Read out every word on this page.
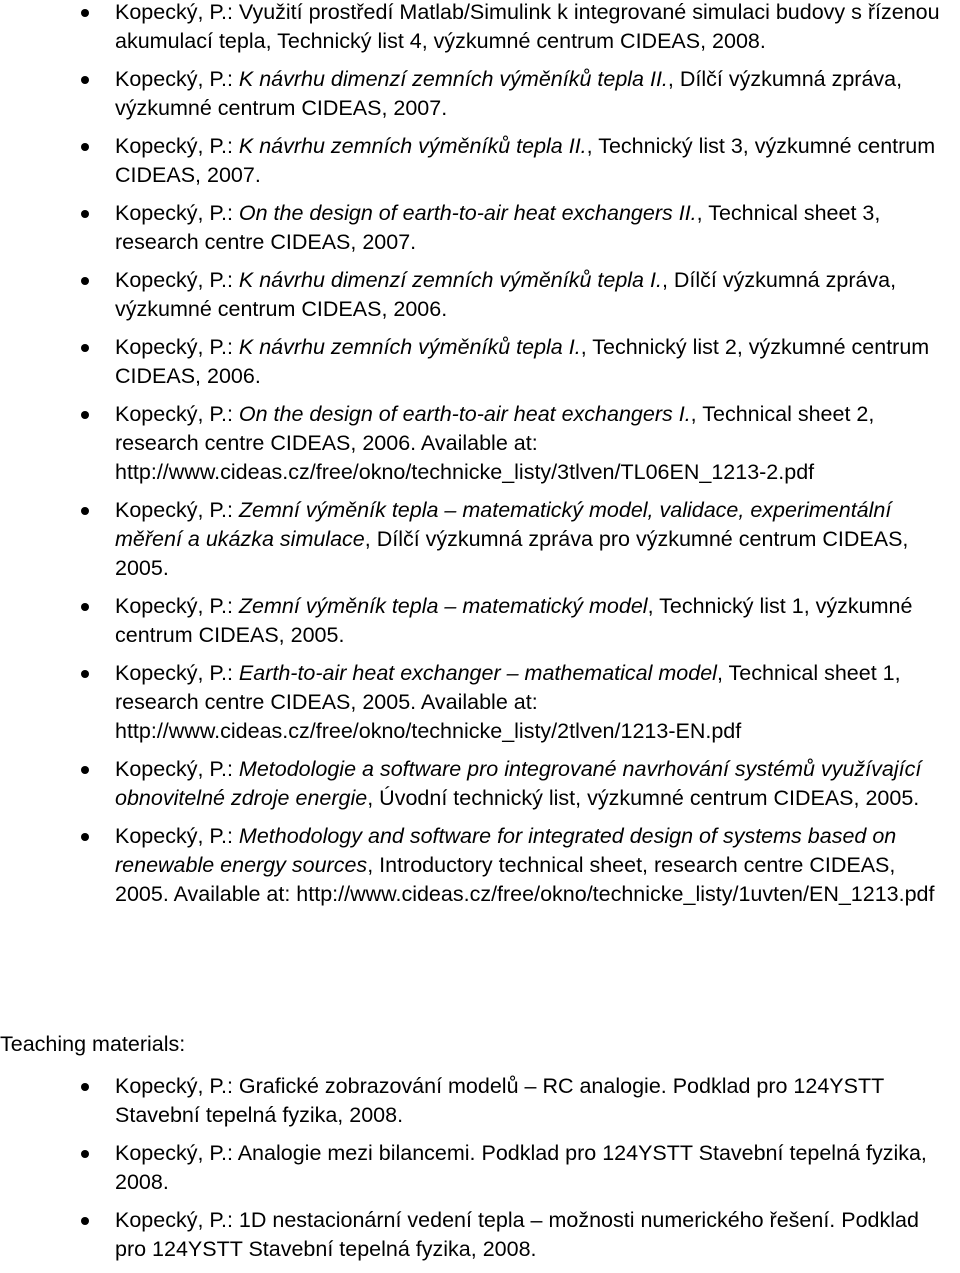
Kopecký, P.: Využití prostředí Matlab/Simulink k integrované simulaci budovy s řízenou akumulací tepla, Technický list 4, výzkumné centrum CIDEAS, 2008.
Kopecký, P.: K návrhu dimenzí zemních výměníků tepla II., Dílčí výzkumná zpráva, výzkumné centrum CIDEAS, 2007.
Kopecký, P.: K návrhu zemních výměníků tepla II., Technický list 3, výzkumné centrum CIDEAS, 2007.
Kopecký, P.: On the design of earth-to-air heat exchangers II., Technical sheet 3, research centre CIDEAS, 2007.
Kopecký, P.: K návrhu dimenzí zemních výměníků tepla I., Dílčí výzkumná zpráva, výzkumné centrum CIDEAS, 2006.
Kopecký, P.: K návrhu zemních výměníků tepla I., Technický list 2, výzkumné centrum CIDEAS, 2006.
Kopecký, P.: On the design of earth-to-air heat exchangers I., Technical sheet 2, research centre CIDEAS, 2006. Available at: http://www.cideas.cz/free/okno/technicke_listy/3tlven/TL06EN_1213-2.pdf
Kopecký, P.: Zemní výměník tepla – matematický model, validace, experimentální měření a ukázka simulace, Dílčí výzkumná zpráva pro výzkumné centrum CIDEAS, 2005.
Kopecký, P.: Zemní výměník tepla – matematický model, Technický list 1, výzkumné centrum CIDEAS, 2005.
Kopecký, P.: Earth-to-air heat exchanger – mathematical model, Technical sheet 1, research centre CIDEAS, 2005. Available at: http://www.cideas.cz/free/okno/technicke_listy/2tlven/1213-EN.pdf
Kopecký, P.: Metodologie a software pro integrované navrhování systémů využívající obnovitelné zdroje energie, Úvodní technický list, výzkumné centrum CIDEAS, 2005.
Kopecký, P.: Methodology and software for integrated design of systems based on renewable energy sources, Introductory technical sheet, research centre CIDEAS, 2005. Available at: http://www.cideas.cz/free/okno/technicke_listy/1uvten/EN_1213.pdf
Teaching materials:
Kopecký, P.: Grafické zobrazování modelů – RC analogie. Podklad pro 124YSTT Stavební tepelná fyzika, 2008.
Kopecký, P.: Analogie mezi bilancemi. Podklad pro 124YSTT Stavební tepelná fyzika, 2008.
Kopecký, P.: 1D nestacionární vedení tepla – možnosti numerického řešení. Podklad pro 124YSTT Stavební tepelná fyzika, 2008.
